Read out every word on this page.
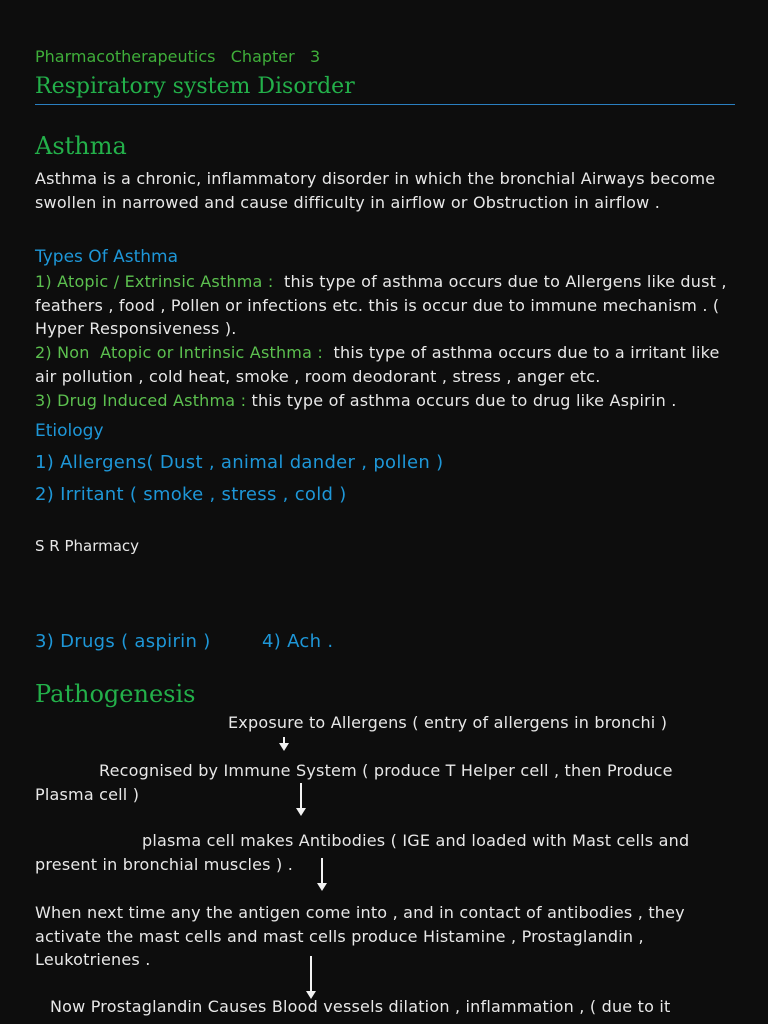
Pharmacotherapeutics   Chapter   3
Respiratory system Disorder
Asthma
Asthma is a chronic, inflammatory disorder in which the bronchial Airways become swollen in narrowed and cause difficulty in airflow or Obstruction in airflow .
Types Of Asthma
1) Atopic / Extrinsic Asthma :  this type of asthma occurs due to Allergens like dust , feathers , food , Pollen or infections etc. this is occur due to immune mechanism . ( Hyper Responsiveness ).
2) Non  Atopic or Intrinsic Asthma :  this type of asthma occurs due to a irritant like air pollution , cold heat, smoke , room deodorant , stress , anger etc.
3) Drug Induced Asthma : this type of asthma occurs due to drug like Aspirin .
Etiology
1) Allergens( Dust , animal dander , pollen )
2) Irritant ( smoke , stress , cold )
S R Pharmacy
3) Drugs ( aspirin )	4) Ach .
Pathogenesis
Exposure to Allergens ( entry of allergens in bronchi )
Recognised by Immune System ( produce T Helper cell , then Produce Plasma cell )
plasma cell makes Antibodies ( IGE and loaded with Mast cells and present in bronchial muscles ) .
When next time any the antigen come into , and in contact of antibodies , they activate the mast cells and mast cells produce Histamine , Prostaglandin , Leukotrienes .
Now Prostaglandin Causes Blood vessels dilation , inflammation , ( due to it
